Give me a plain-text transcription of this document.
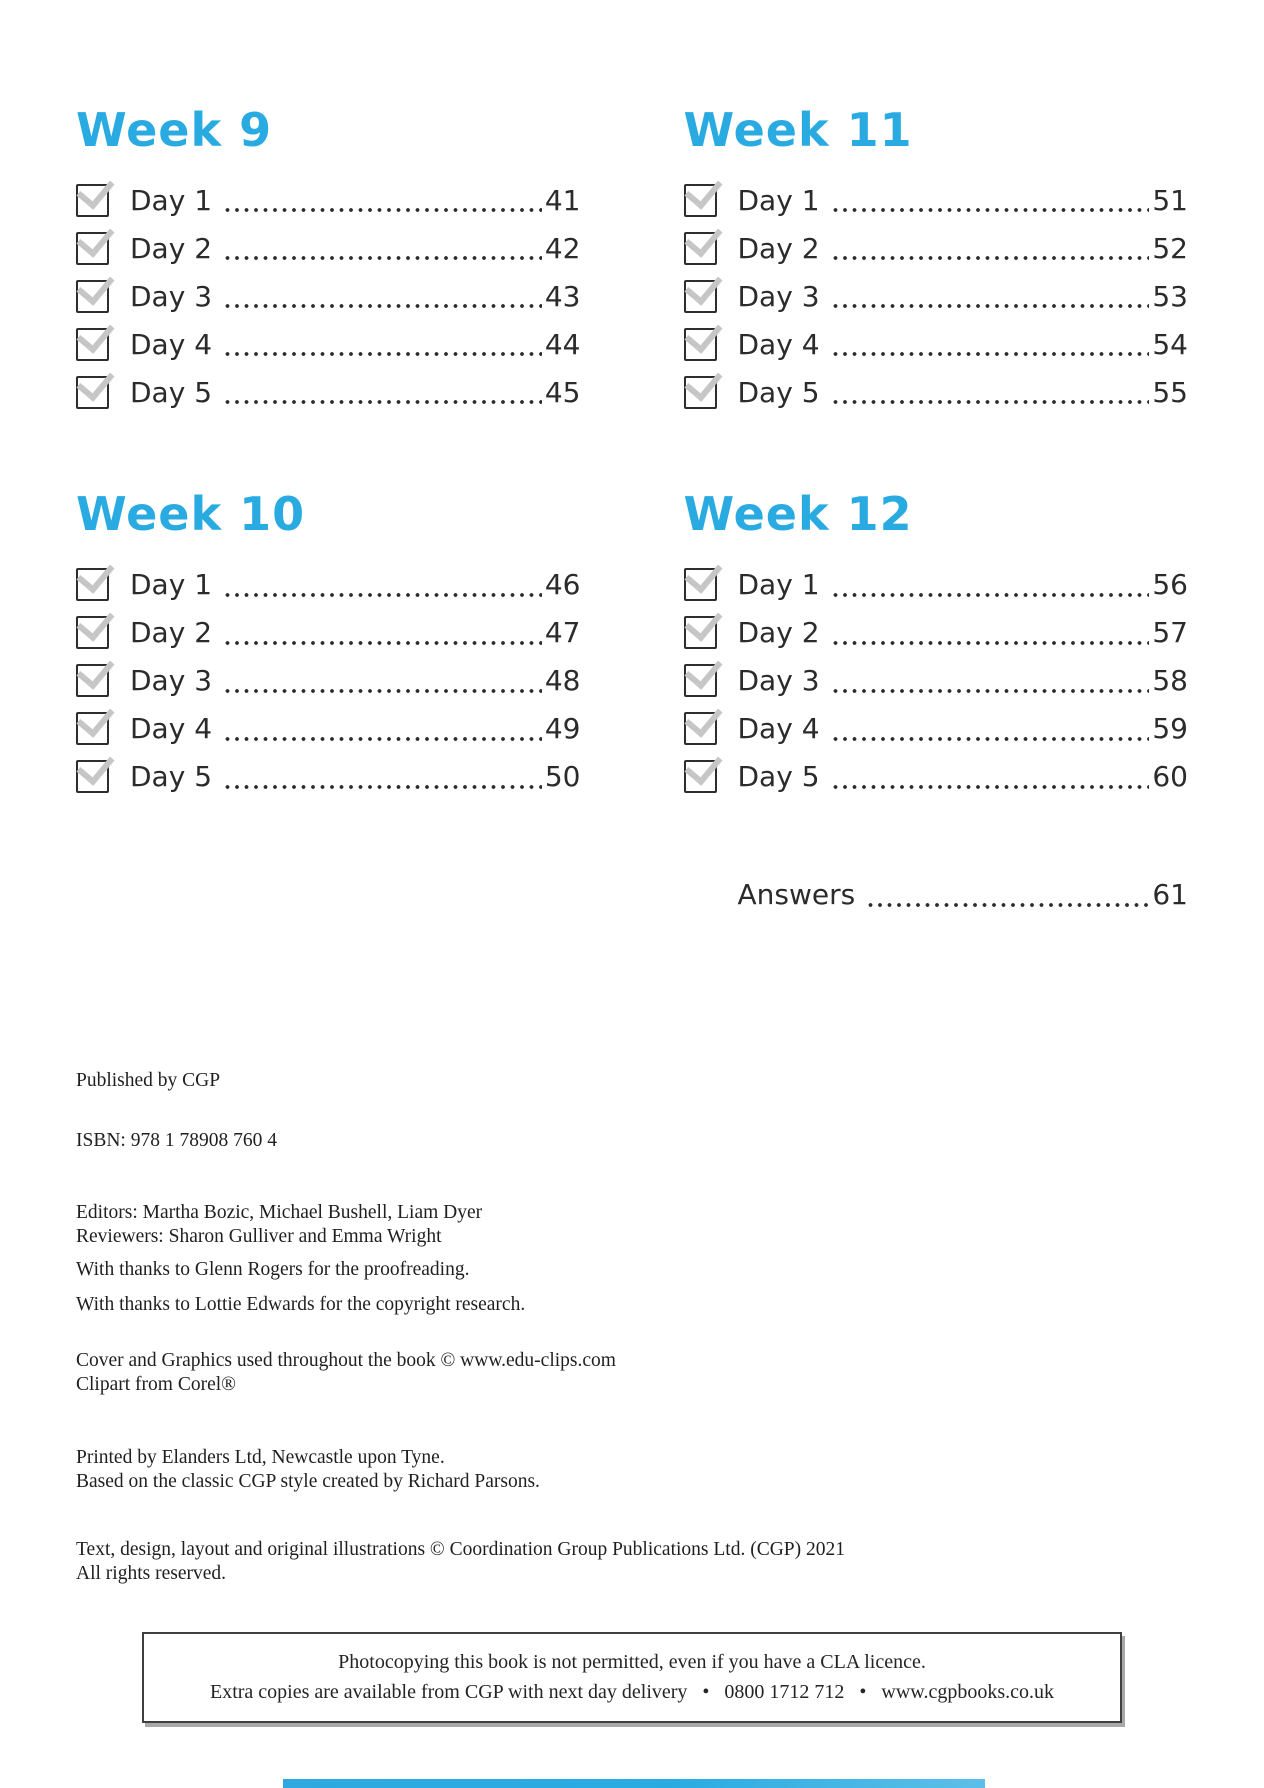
Week 9
Day 1	41
Day 2	42
Day 3	43
Day 4	44
Day 5	45
Week 10
Day 1	46
Day 2	47
Day 3	48
Day 4	49
Day 5	50
Week 11
Day 1	51
Day 2	52
Day 3	53
Day 4	54
Day 5	55
Week 12
Day 1	56
Day 2	57
Day 3	58
Day 4	59
Day 5	60
Answers	61

Published by CGP

ISBN: 978 1 78908 760 4

Editors: Martha Bozic, Michael Bushell, Liam Dyer
Reviewers: Sharon Gulliver and Emma Wright

With thanks to Glenn Rogers for the proofreading.

With thanks to Lottie Edwards for the copyright research.

Cover and Graphics used throughout the book © www.edu-clips.com
Clipart from Corel®

Printed by Elanders Ltd, Newcastle upon Tyne.
Based on the classic CGP style created by Richard Parsons.

Text, design, layout and original illustrations © Coordination Group Publications Ltd. (CGP) 2021
All rights reserved.

Photocopying this book is not permitted, even if you have a CLA licence.
Extra copies are available from CGP with next day delivery   •   0800 1712 712   •   www.cgpbooks.co.uk
